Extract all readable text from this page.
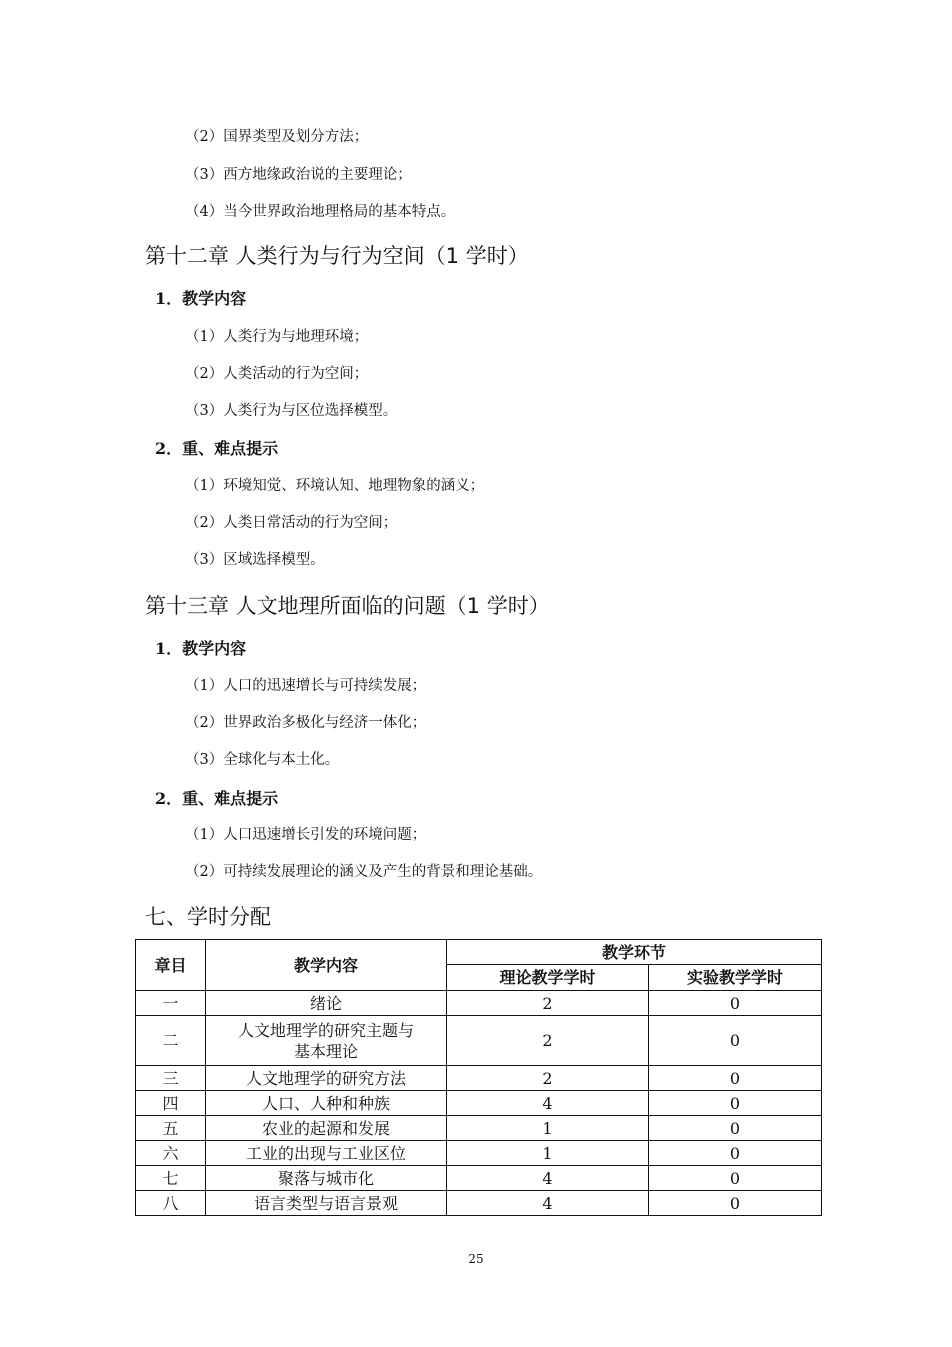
（2）国界类型及划分方法；
（3）西方地缘政治说的主要理论；
（4）当今世界政治地理格局的基本特点。
第十二章 人类行为与行为空间（1 学时）
1．教学内容
（1）人类行为与地理环境；
（2）人类活动的行为空间；
（3）人类行为与区位选择模型。
2．重、难点提示
（1）环境知觉、环境认知、地理物象的涵义；
（2）人类日常活动的行为空间；
（3）区域选择模型。
第十三章 人文地理所面临的问题（1 学时）
1．教学内容
（1）人口的迅速增长与可持续发展；
（2）世界政治多极化与经济一体化；
（3）全球化与本土化。
2．重、难点提示
（1）人口迅速增长引发的环境问题；
（2）可持续发展理论的涵义及产生的背景和理论基础。
七、学时分配
章目	教学内容	教学环节	
		理论教学学时	实验教学学时
一	绪论	2	0
二	人文地理学的研究主题与
基本理论	2	0
三	人文地理学的研究方法	2	0
四	人口、人种和种族	4	0
五	农业的起源和发展	1	0
六	工业的出现与工业区位	1	0
七	聚落与城市化	4	0
八	语言类型与语言景观	4	0
25
